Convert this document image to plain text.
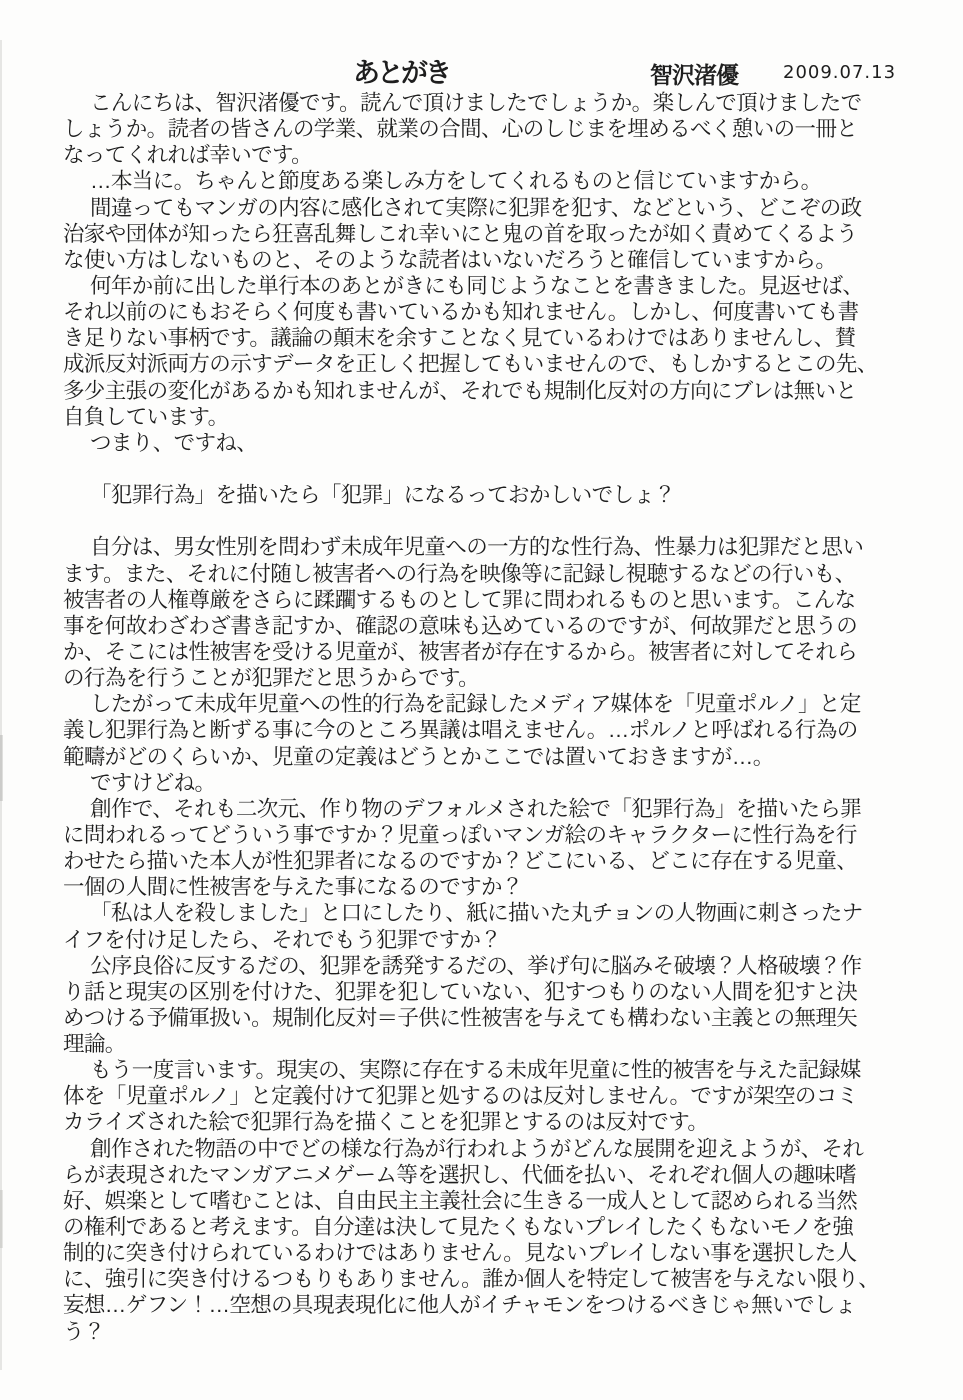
あとがき	智沢渚優	2009.07.13
こんにちは、智沢渚優です。読んで頂けましたでしょうか。楽しんで頂けましたで
しょうか。読者の皆さんの学業、就業の合間、心のしじまを埋めるべく憩いの一冊と
なってくれれば幸いです。
…本当に。ちゃんと節度ある楽しみ方をしてくれるものと信じていますから。
間違ってもマンガの内容に感化されて実際に犯罪を犯す、などという、どこぞの政
治家や団体が知ったら狂喜乱舞しこれ幸いにと鬼の首を取ったが如く責めてくるよう
な使い方はしないものと、そのような読者はいないだろうと確信していますから。
何年か前に出した単行本のあとがきにも同じようなことを書きました。見返せば、
それ以前のにもおそらく何度も書いているかも知れません。しかし、何度書いても書
き足りない事柄です。議論の顛末を余すことなく見ているわけではありませんし、賛
成派反対派両方の示すデータを正しく把握してもいませんので、もしかするとこの先、
多少主張の変化があるかも知れませんが、それでも規制化反対の方向にブレは無いと
自負しています。
つまり、ですね、
「犯罪行為」を描いたら「犯罪」になるっておかしいでしょ？
自分は、男女性別を問わず未成年児童への一方的な性行為、性暴力は犯罪だと思い
ます。また、それに付随し被害者への行為を映像等に記録し視聴するなどの行いも、
被害者の人権尊厳をさらに蹂躙するものとして罪に問われるものと思います。こんな
事を何故わざわざ書き記すか、確認の意味も込めているのですが、何故罪だと思うの
か、そこには性被害を受ける児童が、被害者が存在するから。被害者に対してそれら
の行為を行うことが犯罪だと思うからです。
したがって未成年児童への性的行為を記録したメディア媒体を「児童ポルノ」と定
義し犯罪行為と断ずる事に今のところ異議は唱えません。…ポルノと呼ばれる行為の
範疇がどのくらいか、児童の定義はどうとかここでは置いておきますが…。
ですけどね。
創作で、それも二次元、作り物のデフォルメされた絵で「犯罪行為」を描いたら罪
に問われるってどういう事ですか？児童っぽいマンガ絵のキャラクターに性行為を行
わせたら描いた本人が性犯罪者になるのですか？どこにいる、どこに存在する児童、
一個の人間に性被害を与えた事になるのですか？
「私は人を殺しました」と口にしたり、紙に描いた丸チョンの人物画に刺さったナ
イフを付け足したら、それでもう犯罪ですか？
公序良俗に反するだの、犯罪を誘発するだの、挙げ句に脳みそ破壊？人格破壊？作
り話と現実の区別を付けた、犯罪を犯していない、犯すつもりのない人間を犯すと決
めつける予備軍扱い。規制化反対＝子供に性被害を与えても構わない主義との無理矢
理論。
もう一度言います。現実の、実際に存在する未成年児童に性的被害を与えた記録媒
体を「児童ポルノ」と定義付けて犯罪と処するのは反対しません。ですが架空のコミ
カライズされた絵で犯罪行為を描くことを犯罪とするのは反対です。
創作された物語の中でどの様な行為が行われようがどんな展開を迎えようが、それ
らが表現されたマンガアニメゲーム等を選択し、代価を払い、それぞれ個人の趣味嗜
好、娯楽として嗜むことは、自由民主主義社会に生きる一成人として認められる当然
の権利であると考えます。自分達は決して見たくもないプレイしたくもないモノを強
制的に突き付けられているわけではありません。見ないプレイしない事を選択した人
に、強引に突き付けるつもりもありません。誰か個人を特定して被害を与えない限り、
妄想…ゲフン！…空想の具現表現化に他人がイチャモンをつけるべきじゃ無いでしょ
う？
